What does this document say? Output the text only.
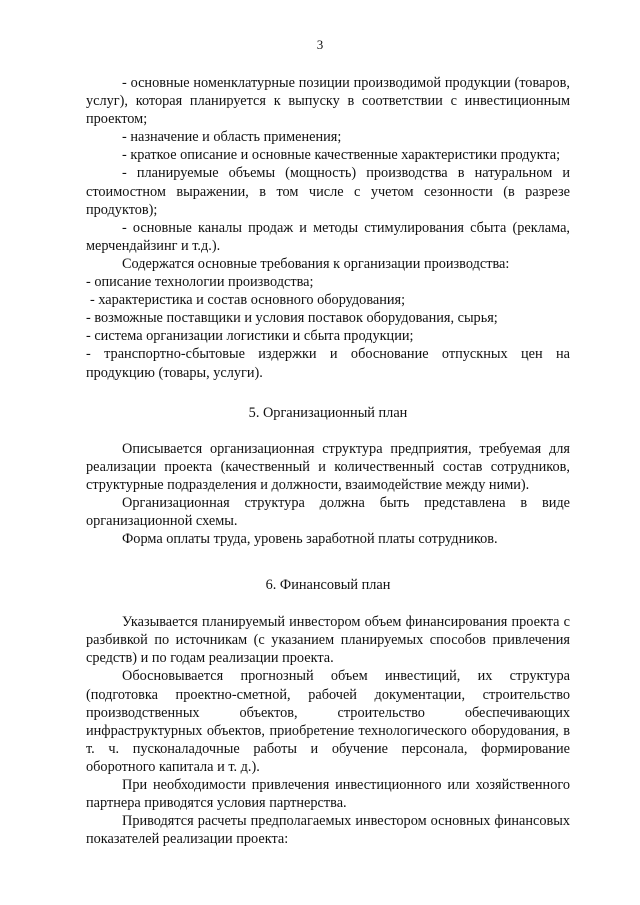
3

- основные номенклатурные позиции производимой продукции (товаров, услуг), которая планируется к выпуску в соответствии с инвестиционным проектом;

- назначение и область применения;

- краткое описание и основные качественные характеристики продукта;

- планируемые объемы (мощность) производства в натуральном и стоимостном выражении, в том числе с учетом сезонности (в разрезе продуктов);

- основные каналы продаж и методы стимулирования сбыта (реклама, мерчендайзинг и т.д.).

Содержатся основные требования к организации производства:

- описание технологии производства;

- характеристика и состав основного оборудования;

- возможные поставщики и условия поставок оборудования, сырья;

- система организации логистики и сбыта продукции;

- транспортно-сбытовые издержки и обоснование отпускных цен на продукцию (товары, услуги).

5. Организационный план

Описывается организационная структура предприятия, требуемая для реализации проекта (качественный и количественный состав сотрудников, структурные подразделения и должности, взаимодействие между ними).

Организационная структура должна быть представлена в виде организационной схемы.

Форма оплаты труда, уровень заработной платы сотрудников.

6. Финансовый план

Указывается планируемый инвестором объем финансирования проекта с разбивкой по источникам (с указанием планируемых способов привлечения средств) и по годам реализации проекта.

Обосновывается прогнозный объем инвестиций, их структура (подготовка проектно-сметной, рабочей документации, строительство производственных объектов, строительство обеспечивающих инфраструктурных объектов, приобретение технологического оборудования, в т. ч. пусконаладочные работы и обучение персонала, формирование оборотного капитала и т. д.).

При необходимости привлечения инвестиционного или хозяйственного партнера приводятся условия партнерства.

Приводятся расчеты предполагаемых инвестором основных финансовых показателей реализации проекта:
